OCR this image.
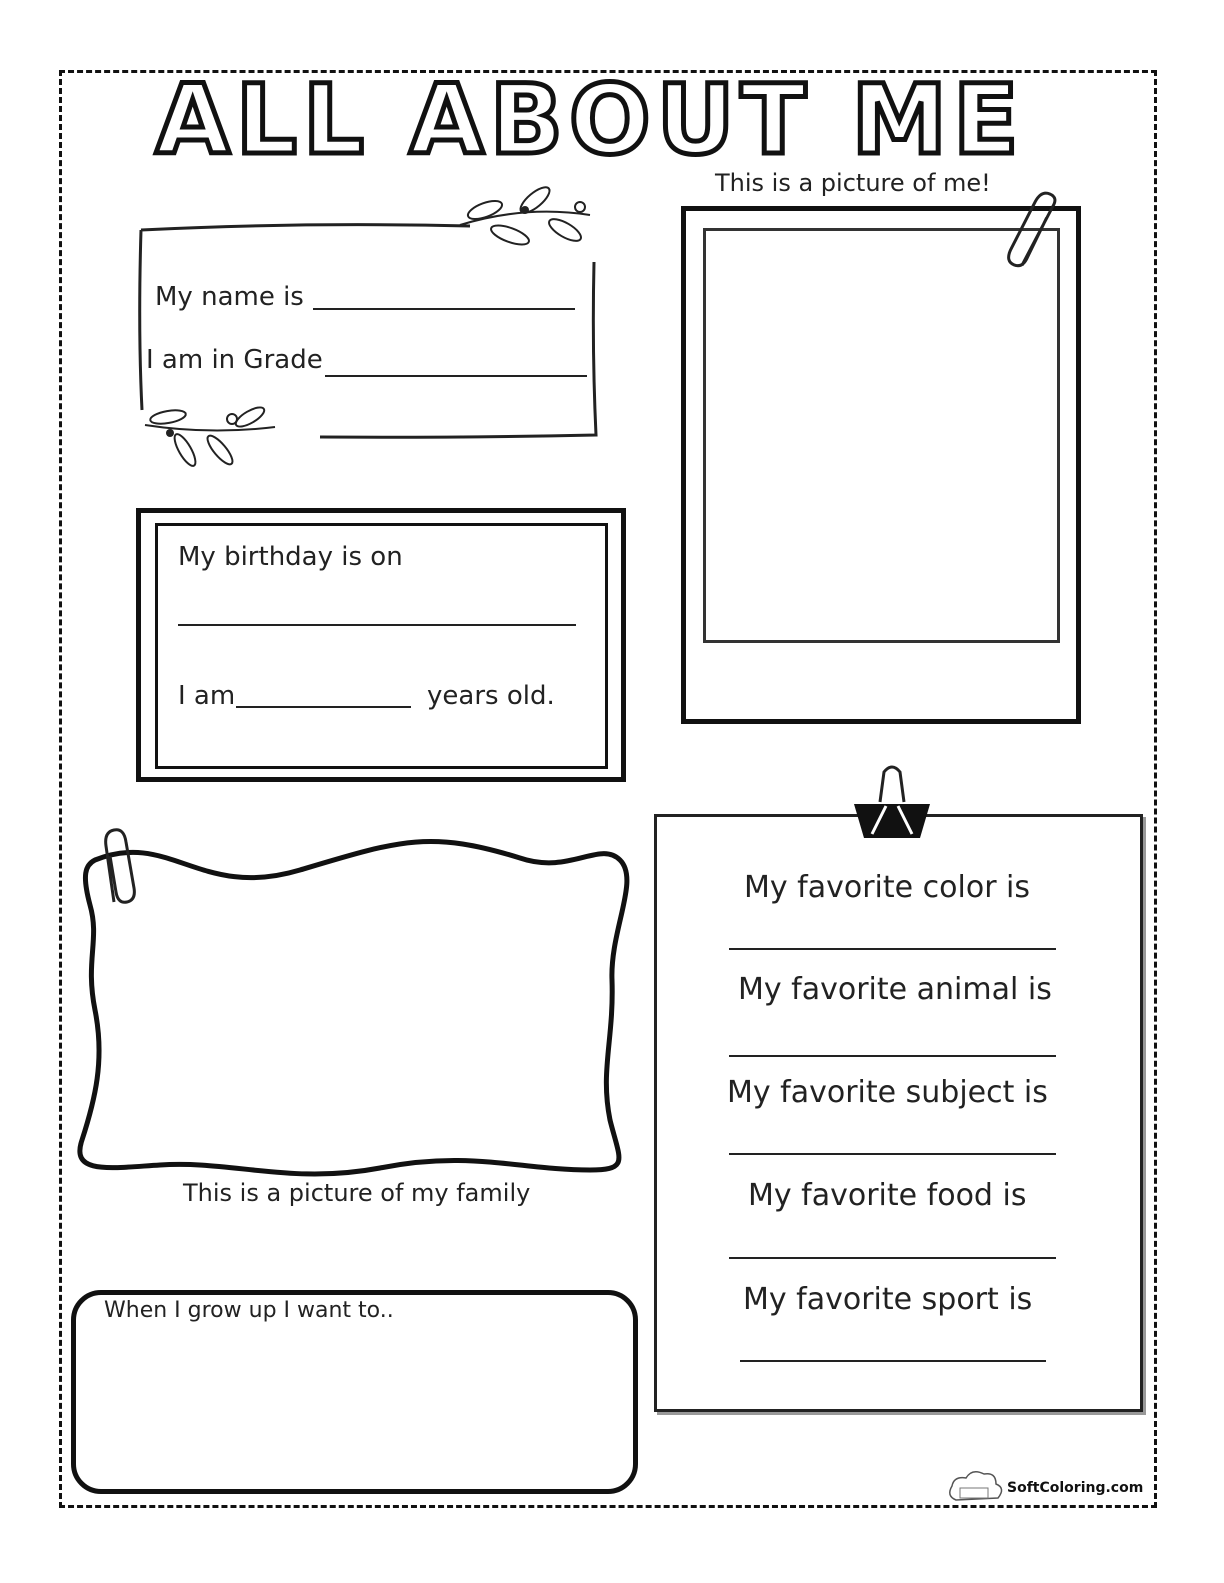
ALL ABOUT ME
My name is
I am in Grade
This is a picture of me!
My birthday is on
I am	years old.
This is a picture of my family
When I grow up I want to..
My favorite color is
My favorite animal is
My favorite subject is
My favorite food is
My favorite sport is
SoftColoring.com
